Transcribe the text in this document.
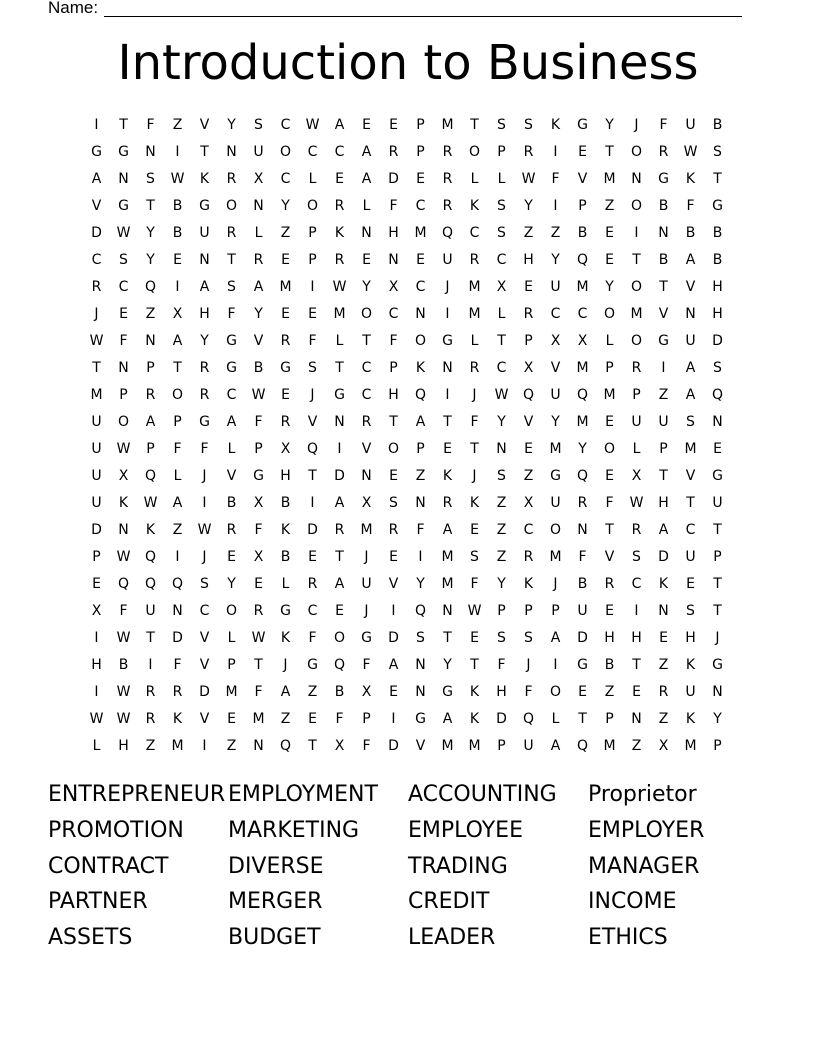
Name:
Introduction to Business
I	T	F	Z	V	Y	S	C	W	A	E	E	P	M	T	S	S	K	G	Y	J	F	U	B
G	G	N	I	T	N	U	O	C	C	A	R	P	R	O	P	R	I	E	T	O	R	W	S
A	N	S	W	K	R	X	C	L	E	A	D	E	R	L	L	W	F	V	M	N	G	K	T
V	G	T	B	G	O	N	Y	O	R	L	F	C	R	K	S	Y	I	P	Z	O	B	F	G
D	W	Y	B	U	R	L	Z	P	K	N	H	M	Q	C	S	Z	Z	B	E	I	N	B	B
C	S	Y	E	N	T	R	E	P	R	E	N	E	U	R	C	H	Y	Q	E	T	B	A	B
R	C	Q	I	A	S	A	M	I	W	Y	X	C	J	M	X	E	U	M	Y	O	T	V	H
J	E	Z	X	H	F	Y	E	E	M	O	C	N	I	M	L	R	C	C	O	M	V	N	H
W	F	N	A	Y	G	V	R	F	L	T	F	O	G	L	T	P	X	X	L	O	G	U	D
T	N	P	T	R	G	B	G	S	T	C	P	K	N	R	C	X	V	M	P	R	I	A	S
M	P	R	O	R	C	W	E	J	G	C	H	Q	I	J	W	Q	U	Q	M	P	Z	A	Q
U	O	A	P	G	A	F	R	V	N	R	T	A	T	F	Y	V	Y	M	E	U	U	S	N
U	W	P	F	F	L	P	X	Q	I	V	O	P	E	T	N	E	M	Y	O	L	P	M	E
U	X	Q	L	J	V	G	H	T	D	N	E	Z	K	J	S	Z	G	Q	E	X	T	V	G
U	K	W	A	I	B	X	B	I	A	X	S	N	R	K	Z	X	U	R	F	W	H	T	U
D	N	K	Z	W	R	F	K	D	R	M	R	F	A	E	Z	C	O	N	T	R	A	C	T
P	W	Q	I	J	E	X	B	E	T	J	E	I	M	S	Z	R	M	F	V	S	D	U	P
E	Q	Q	Q	S	Y	E	L	R	A	U	V	Y	M	F	Y	K	J	B	R	C	K	E	T
X	F	U	N	C	O	R	G	C	E	J	I	Q	N	W	P	P	P	U	E	I	N	S	T
I	W	T	D	V	L	W	K	F	O	G	D	S	T	E	S	S	A	D	H	H	E	H	J
H	B	I	F	V	P	T	J	G	Q	F	A	N	Y	T	F	J	I	G	B	T	Z	K	G
I	W	R	R	D	M	F	A	Z	B	X	E	N	G	K	H	F	O	E	Z	E	R	U	N
W W	R	K	V	E	M	Z	E	F	P	I	G	A	K	D	Q	L	T	P	N	Z	K	Y
L	H	Z	M	I	Z	N	Q	T	X	F	D	V	M	M	P	U	A	Q	M	Z	X	M	P
ENTREPRENEUR EMPLOYMENT	ACCOUNTING	Proprietor
PROMOTION	MARKETING	EMPLOYEE	EMPLOYER
CONTRACT	DIVERSE	TRADING	MANAGER
PARTNER	MERGER	CREDIT	INCOME
ASSETS	BUDGET	LEADER	ETHICS
